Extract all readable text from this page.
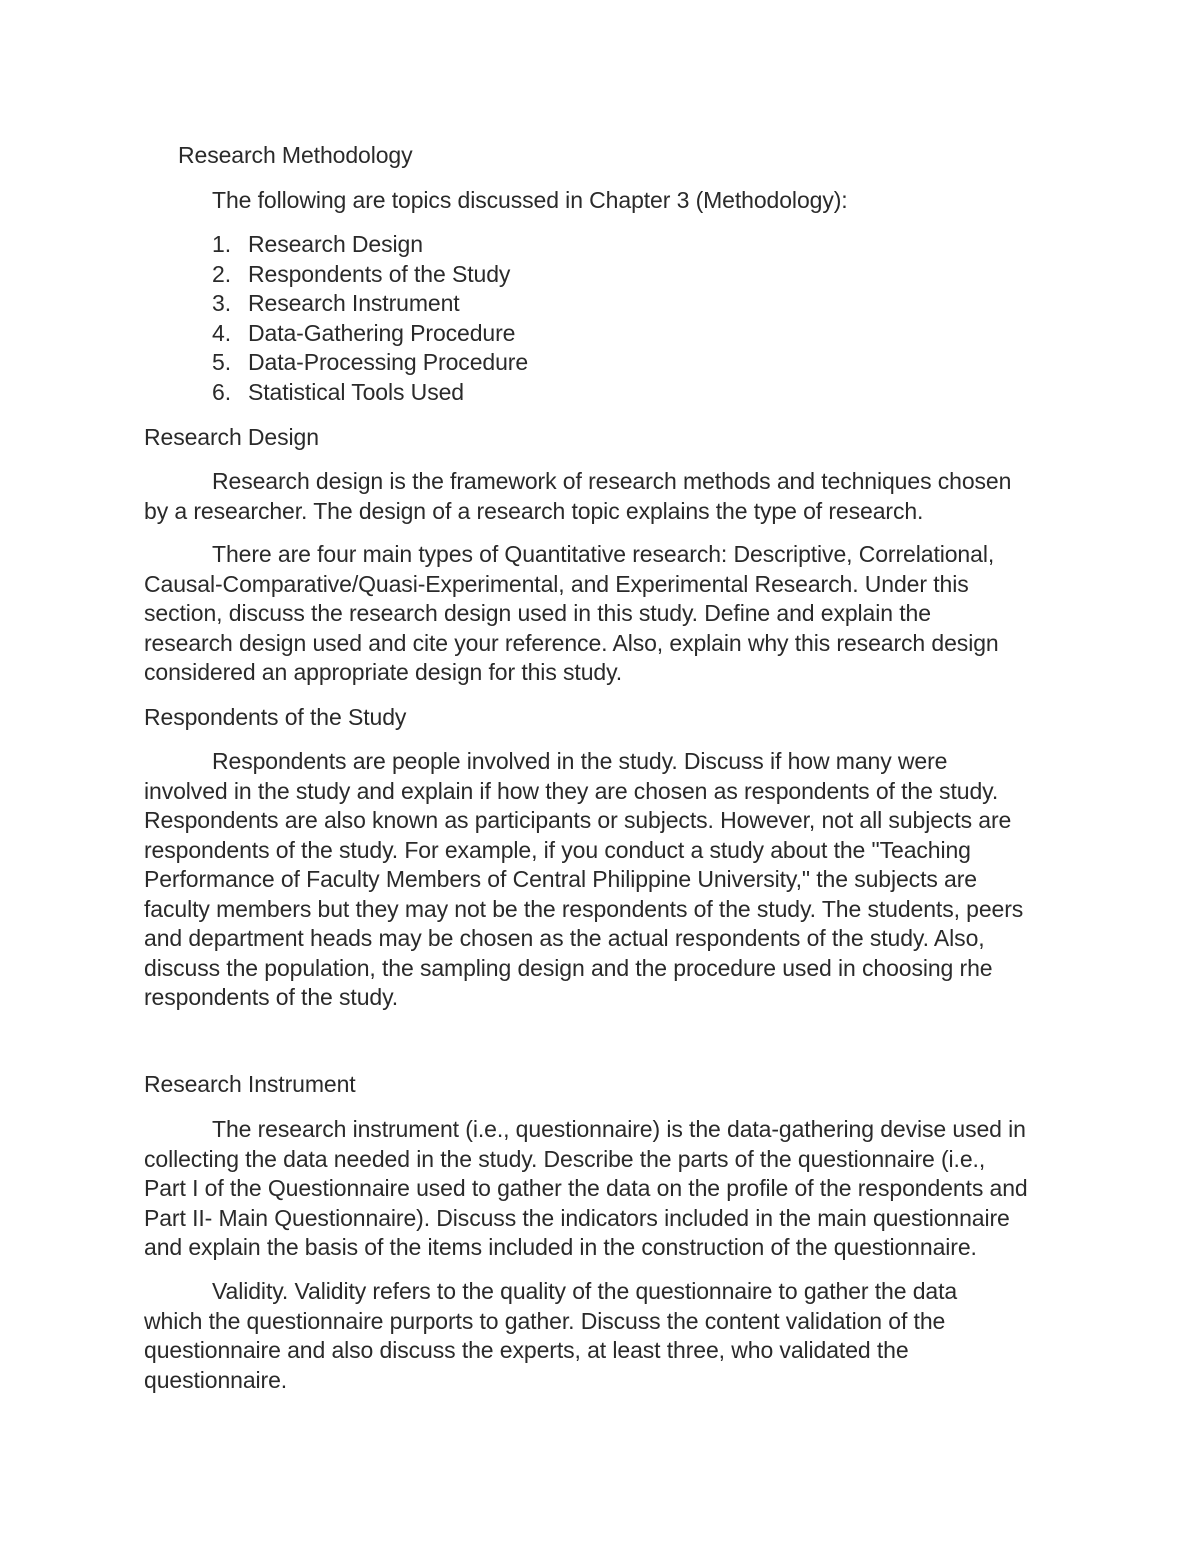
Research Methodology
The following are topics discussed in Chapter 3 (Methodology):
1. Research Design
2. Respondents of the Study
3. Research Instrument
4. Data-Gathering Procedure
5. Data-Processing Procedure
6. Statistical Tools Used
Research Design
Research design is the framework of research methods and techniques chosen
by a researcher. The design of a research topic explains the type of research.
There are four main types of Quantitative research: Descriptive, Correlational,
Causal-Comparative/Quasi-Experimental, and Experimental Research. Under this
section, discuss the research design used in this study. Define and explain the
research design used and cite your reference. Also, explain why this research design
considered an appropriate design for this study.
Respondents of the Study
Respondents are people involved in the study. Discuss if how many were
involved in the study and explain if how they are chosen as respondents of the study.
Respondents are also known as participants or subjects. However, not all subjects are
respondents of the study. For example, if you conduct a study about the "Teaching
Performance of Faculty Members of Central Philippine University," the subjects are
faculty members but they may not be the respondents of the study. The students, peers
and department heads may be chosen as the actual respondents of the study. Also,
discuss the population, the sampling design and the procedure used in choosing rhe
respondents of the study.
Research Instrument
The research instrument (i.e., questionnaire) is the data-gathering devise used in
collecting the data needed in the study. Describe the parts of the questionnaire (i.e.,
Part I of the Questionnaire used to gather the data on the profile of the respondents and
Part II- Main Questionnaire). Discuss the indicators included in the main questionnaire
and explain the basis of the items included in the construction of the questionnaire.
Validity. Validity refers to the quality of the questionnaire to gather the data
which the questionnaire purports to gather. Discuss the content validation of the
questionnaire and also discuss the experts, at least three, who validated the
questionnaire.
